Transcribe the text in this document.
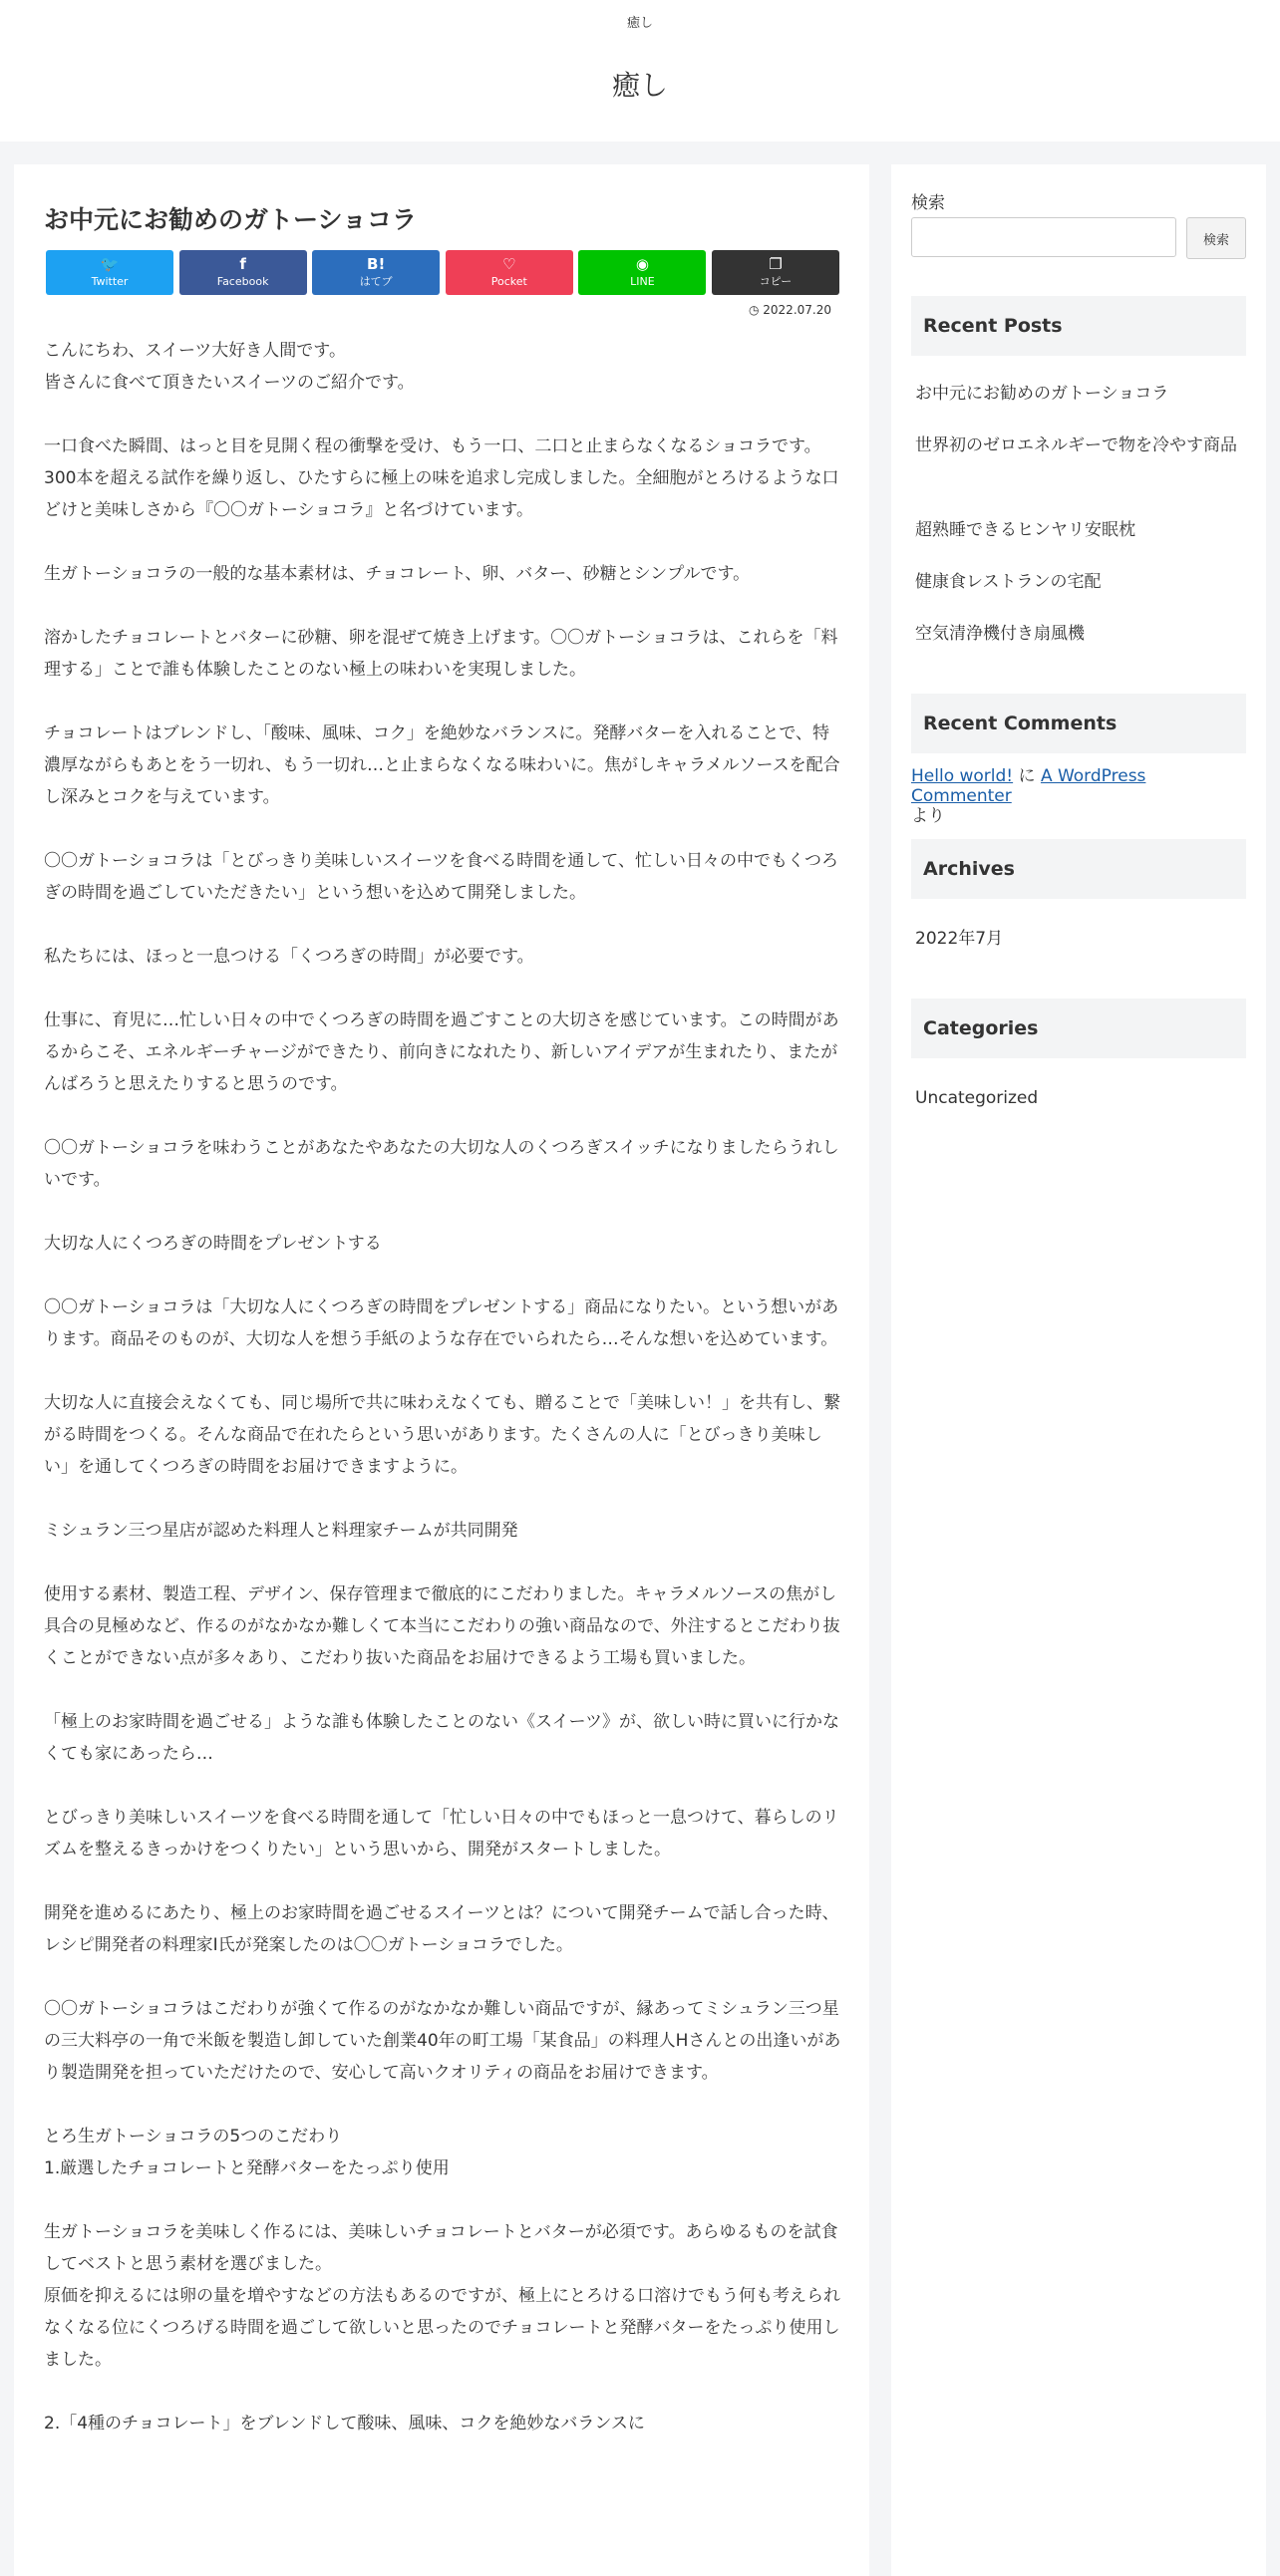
癒し
癒し
お中元にお勧めのガトーショコラ
🐦
Twitter
f
Facebook
B!
はてブ
♡
Pocket
◉
LINE
❐
コピー
◷ 2022.07.20

こんにちわ、スイーツ大好き人間です。
皆さんに食べて頂きたいスイーツのご紹介です。

一口食べた瞬間、はっと目を見開く程の衝撃を受け、もう一口、二口と止まらなくなるショコラです。300本を超える試作を繰り返し、ひたすらに極上の味を追求し完成しました。全細胞がとろけるような口どけと美味しさから『〇〇ガトーショコラ』と名づけています。

生ガトーショコラの一般的な基本素材は、チョコレート、卵、バター、砂糖とシンプルです。

溶かしたチョコレートとバターに砂糖、卵を混ぜて焼き上げます。〇〇ガトーショコラは、これらを「料理する」ことで誰も体験したことのない極上の味わいを実現しました。

チョコレートはブレンドし、「酸味、風味、コク」を絶妙なバランスに。発酵バターを入れることで、特濃厚ながらもあとをう一切れ、もう一切れ…と止まらなくなる味わいに。焦がしキャラメルソースを配合し深みとコクを与えています。

〇〇ガトーショコラは「とびっきり美味しいスイーツを食べる時間を通して、忙しい日々の中でもくつろぎの時間を過ごしていただきたい」という想いを込めて開発しました。

私たちには、ほっと一息つける「くつろぎの時間」が必要です。

仕事に、育児に…忙しい日々の中でくつろぎの時間を過ごすことの大切さを感じています。この時間があるからこそ、エネルギーチャージができたり、前向きになれたり、新しいアイデアが生まれたり、またがんばろうと思えたりすると思うのです。

〇〇ガトーショコラを味わうことがあなたやあなたの大切な人のくつろぎスイッチになりましたらうれしいです。

大切な人にくつろぎの時間をプレゼントする

〇〇ガトーショコラは「大切な人にくつろぎの時間をプレゼントする」商品になりたい。という想いがあります。商品そのものが、大切な人を想う手紙のような存在でいられたら…そんな想いを込めています。

大切な人に直接会えなくても、同じ場所で共に味わえなくても、贈ることで「美味しい！」を共有し、繋がる時間をつくる。そんな商品で在れたらという思いがあります。たくさんの人に「とびっきり美味しい」を通してくつろぎの時間をお届けできますように。

ミシュラン三つ星店が認めた料理人と料理家チームが共同開発

使用する素材、製造工程、デザイン、保存管理まで徹底的にこだわりました。キャラメルソースの焦がし具合の見極めなど、作るのがなかなか難しくて本当にこだわりの強い商品なので、外注するとこだわり抜くことができない点が多々あり、こだわり抜いた商品をお届けできるよう工場も買いました。

「極上のお家時間を過ごせる」ような誰も体験したことのない《スイーツ》が、欲しい時に買いに行かなくても家にあったら…

とびっきり美味しいスイーツを食べる時間を通して「忙しい日々の中でもほっと一息つけて、暮らしのリズムを整えるきっかけをつくりたい」という思いから、開発がスタートしました。

開発を進めるにあたり、極上のお家時間を過ごせるスイーツとは？について開発チームで話し合った時、レシピ開発者の料理家I氏が発案したのは〇〇ガトーショコラでした。

〇〇ガトーショコラはこだわりが強くて作るのがなかなか難しい商品ですが、縁あってミシュラン三つ星の三大料亭の一角で米飯を製造し卸していた創業40年の町工場「某食品」の料理人Hさんとの出逢いがあり製造開発を担っていただけたので、安心して高いクオリティの商品をお届けできます。

とろ生ガトーショコラの5つのこだわり
1.厳選したチョコレートと発酵バターをたっぷり使用

生ガトーショコラを美味しく作るには、美味しいチョコレートとバターが必須です。あらゆるものを試食してベストと思う素材を選びました。
原価を抑えるには卵の量を増やすなどの方法もあるのですが、極上にとろける口溶けでもう何も考えられなくなる位にくつろげる時間を過ごして欲しいと思ったのでチョコレートと発酵バターをたっぷり使用しました。

2.「4種のチョコレート」をブレンドして酸味、風味、コクを絶妙なバランスに

検索
検索
Recent Posts
お中元にお勧めのガトーショコラ
世界初のゼロエネルギーで物を冷やす商品
超熟睡できるヒンヤリ安眠枕
健康食レストランの宅配
空気清浄機付き扇風機
Recent Comments
Hello world! に A WordPress Commenter
より
Archives
2022年7月
Categories
Uncategorized
